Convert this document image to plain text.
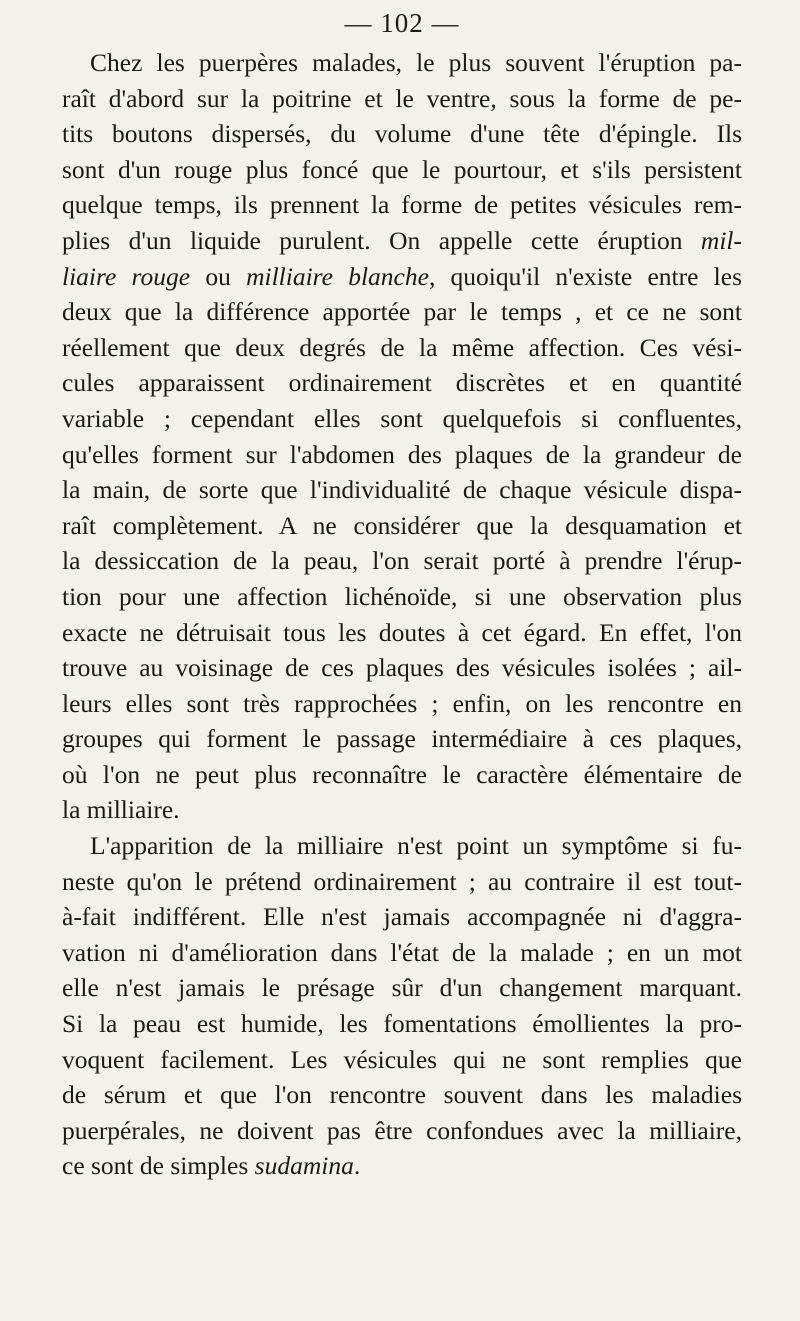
— 102 —
Chez les puerpères malades, le plus souvent l'éruption pa-
raît d'abord sur la poitrine et le ventre, sous la forme de pe-
tits boutons dispersés, du volume d'une tête d'épingle. Ils
sont d'un rouge plus foncé que le pourtour, et s'ils persistent
quelque temps, ils prennent la forme de petites vésicules rem-
plies d'un liquide purulent. On appelle cette éruption mil-
liaire rouge ou milliaire blanche, quoiqu'il n'existe entre les
deux que la différence apportée par le temps , et ce ne sont
réellement que deux degrés de la même affection. Ces vési-
cules apparaissent ordinairement discrètes et en quantité
variable ; cependant elles sont quelquefois si confluentes,
qu'elles forment sur l'abdomen des plaques de la grandeur de
la main, de sorte que l'individualité de chaque vésicule dispa-
raît complètement. A ne considérer que la desquamation et
la dessiccation de la peau, l'on serait porté à prendre l'érup-
tion pour une affection lichénoïde, si une observation plus
exacte ne détruisait tous les doutes à cet égard. En effet, l'on
trouve au voisinage de ces plaques des vésicules isolées ; ail-
leurs elles sont très rapprochées ; enfin, on les rencontre en
groupes qui forment le passage intermédiaire à ces plaques,
où l'on ne peut plus reconnaître le caractère élémentaire de
la milliaire.
L'apparition de la milliaire n'est point un symptôme si fu-
neste qu'on le prétend ordinairement ; au contraire il est tout-
à-fait indifférent. Elle n'est jamais accompagnée ni d'aggra-
vation ni d'amélioration dans l'état de la malade ; en un mot
elle n'est jamais le présage sûr d'un changement marquant.
Si la peau est humide, les fomentations émollientes la pro-
voquent facilement. Les vésicules qui ne sont remplies que
de sérum et que l'on rencontre souvent dans les maladies
puerpérales, ne doivent pas être confondues avec la milliaire,
ce sont de simples sudamina.
